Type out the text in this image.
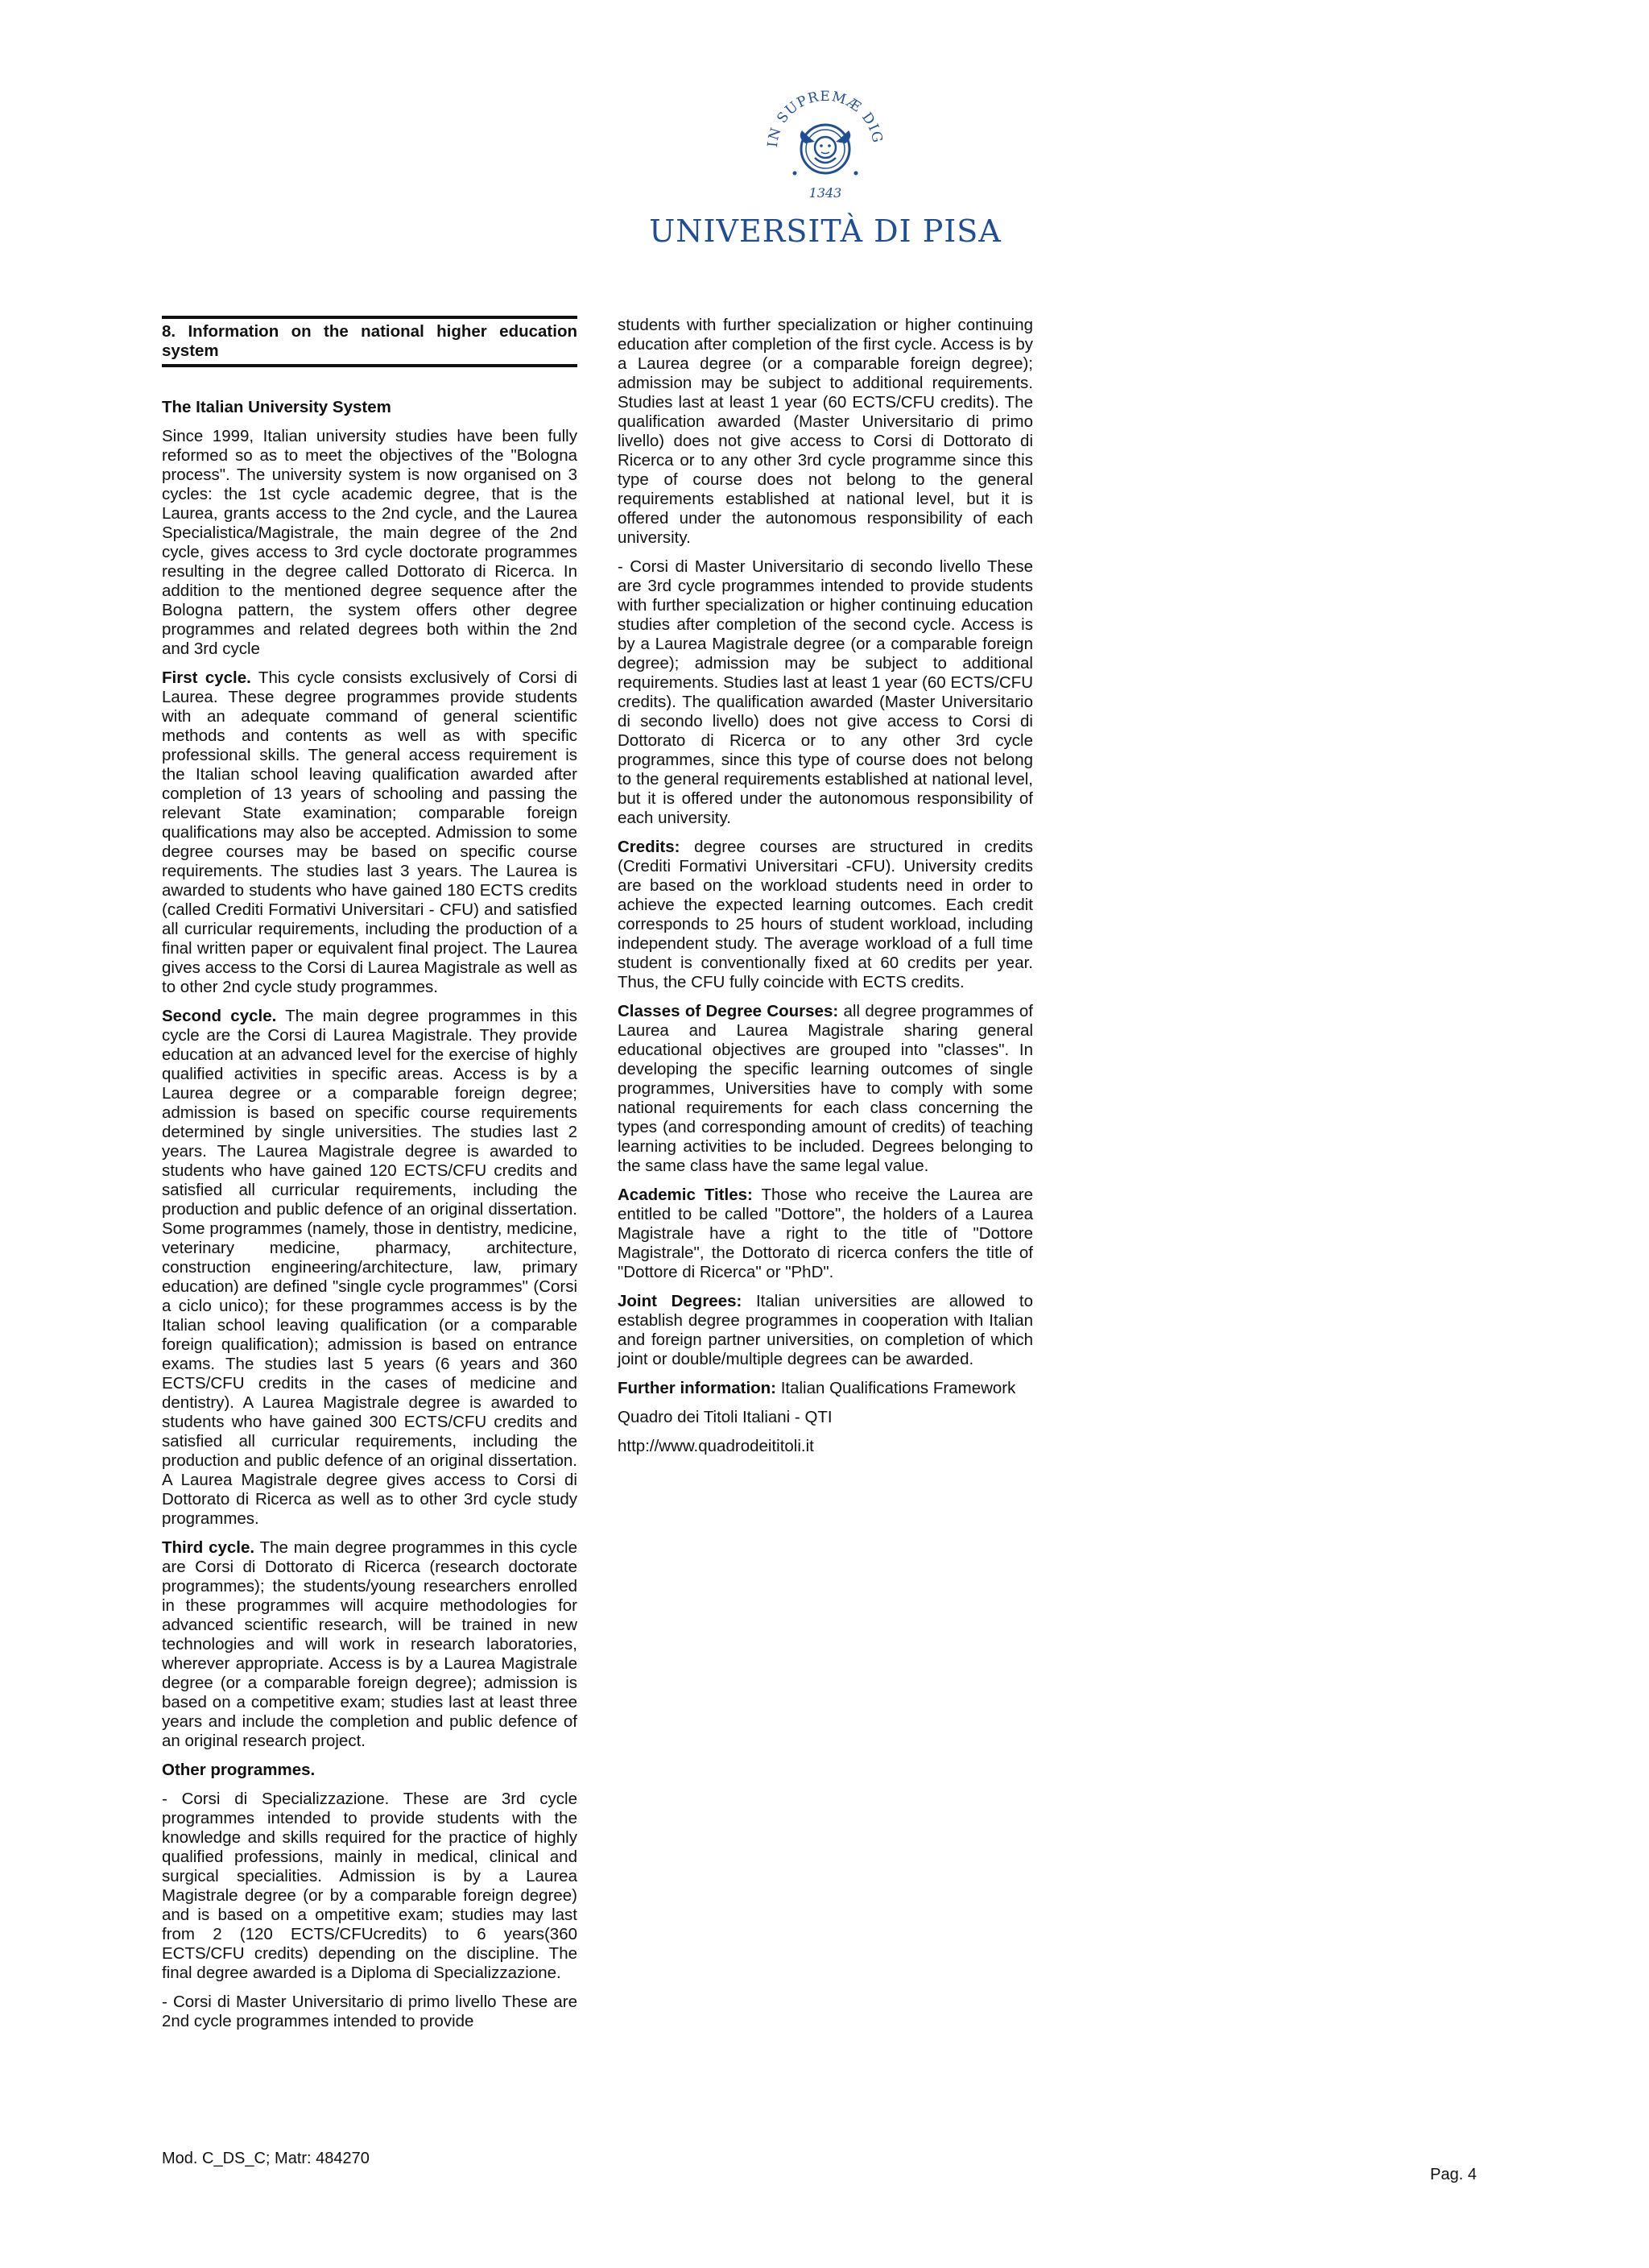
IN SUPREMÆ DIG
1343
UNIVERSITÀ DI PISA
8. Information on the national higher education system

The Italian University System

Since 1999, Italian university studies have been fully reformed so as to meet the objectives of the "Bologna process". The university system is now organised on 3 cycles: the 1st cycle academic degree, that is the Laurea, grants access to the 2nd cycle, and the Laurea Specialistica/Magistrale, the main degree of the 2nd cycle, gives access to 3rd cycle doctorate programmes resulting in the degree called Dottorato di Ricerca. In addition to the mentioned degree sequence after the Bologna pattern, the system offers other degree programmes and related degrees both within the 2nd and 3rd cycle

First cycle. This cycle consists exclusively of Corsi di Laurea. These degree programmes provide students with an adequate command of general scientific methods and contents as well as with specific professional skills. The general access requirement is the Italian school leaving qualification awarded after completion of 13 years of schooling and passing the relevant State examination; comparable foreign qualifications may also be accepted. Admission to some degree courses may be based on specific course requirements. The studies last 3 years. The Laurea is awarded to students who have gained 180 ECTS credits (called Crediti Formativi Universitari - CFU) and satisfied all curricular requirements, including the production of a final written paper or equivalent final project. The Laurea gives access to the Corsi di Laurea Magistrale as well as to other 2nd cycle study programmes.

Second cycle. The main degree programmes in this cycle are the Corsi di Laurea Magistrale. They provide education at an advanced level for the exercise of highly qualified activities in specific areas. Access is by a Laurea degree or a comparable foreign degree; admission is based on specific course requirements determined by single universities. The studies last 2 years. The Laurea Magistrale degree is awarded to students who have gained 120 ECTS/CFU credits and satisfied all curricular requirements, including the production and public defence of an original dissertation. Some programmes (namely, those in dentistry, medicine, veterinary medicine, pharmacy, architecture, construction engineering/architecture, law, primary education) are defined "single cycle programmes" (Corsi a ciclo unico); for these programmes access is by the Italian school leaving qualification (or a comparable foreign qualification); admission is based on entrance exams. The studies last 5 years (6 years and 360 ECTS/CFU credits in the cases of medicine and dentistry). A Laurea Magistrale degree is awarded to students who have gained 300 ECTS/CFU credits and satisfied all curricular requirements, including the production and public defence of an original dissertation. A Laurea Magistrale degree gives access to Corsi di Dottorato di Ricerca as well as to other 3rd cycle study programmes.

Third cycle. The main degree programmes in this cycle are Corsi di Dottorato di Ricerca (research doctorate programmes); the students/young researchers enrolled in these programmes will acquire methodologies for advanced scientific research, will be trained in new technologies and will work in research laboratories, wherever appropriate. Access is by a Laurea Magistrale degree (or a comparable foreign degree); admission is based on a competitive exam; studies last at least three years and include the completion and public defence of an original research project.

Other programmes.

- Corsi di Specializzazione. These are 3rd cycle programmes intended to provide students with the knowledge and skills required for the practice of highly qualified professions, mainly in medical, clinical and surgical specialities. Admission is by a Laurea Magistrale degree (or by a comparable foreign degree) and is based on a ompetitive exam; studies may last from 2 (120 ECTS/CFUcredits) to 6 years(360 ECTS/CFU credits) depending on the discipline. The final degree awarded is a Diploma di Specializzazione.

- Corsi di Master Universitario di primo livello These are 2nd cycle programmes intended to provide

students with further specialization or higher continuing education after completion of the first cycle. Access is by a Laurea degree (or a comparable foreign degree); admission may be subject to additional requirements. Studies last at least 1 year (60 ECTS/CFU credits). The qualification awarded (Master Universitario di primo livello) does not give access to Corsi di Dottorato di Ricerca or to any other 3rd cycle programme since this type of course does not belong to the general requirements established at national level, but it is offered under the autonomous responsibility of each university.

- Corsi di Master Universitario di secondo livello These are 3rd cycle programmes intended to provide students with further specialization or higher continuing education studies after completion of the second cycle. Access is by a Laurea Magistrale degree (or a comparable foreign degree); admission may be subject to additional requirements. Studies last at least 1 year (60 ECTS/CFU credits). The qualification awarded (Master Universitario di secondo livello) does not give access to Corsi di Dottorato di Ricerca or to any other 3rd cycle programmes, since this type of course does not belong to the general requirements established at national level, but it is offered under the autonomous responsibility of each university.

Credits: degree courses are structured in credits (Crediti Formativi Universitari -CFU). University credits are based on the workload students need in order to achieve the expected learning outcomes. Each credit corresponds to 25 hours of student workload, including independent study. The average workload of a full time student is conventionally fixed at 60 credits per year. Thus, the CFU fully coincide with ECTS credits.

Classes of Degree Courses: all degree programmes of Laurea and Laurea Magistrale sharing general educational objectives are grouped into "classes". In developing the specific learning outcomes of single programmes, Universities have to comply with some national requirements for each class concerning the types (and corresponding amount of credits) of teaching learning activities to be included. Degrees belonging to the same class have the same legal value.

Academic Titles: Those who receive the Laurea are entitled to be called "Dottore", the holders of a Laurea Magistrale have a right to the title of "Dottore Magistrale", the Dottorato di ricerca confers the title of "Dottore di Ricerca" or "PhD".

Joint Degrees: Italian universities are allowed to establish degree programmes in cooperation with Italian and foreign partner universities, on completion of which joint or double/multiple degrees can be awarded.

Further information: Italian Qualifications Framework

Quadro dei Titoli Italiani - QTI

http://www.quadrodeititoli.it

Mod. C_DS_C; Matr: 484270
Pag. 4
